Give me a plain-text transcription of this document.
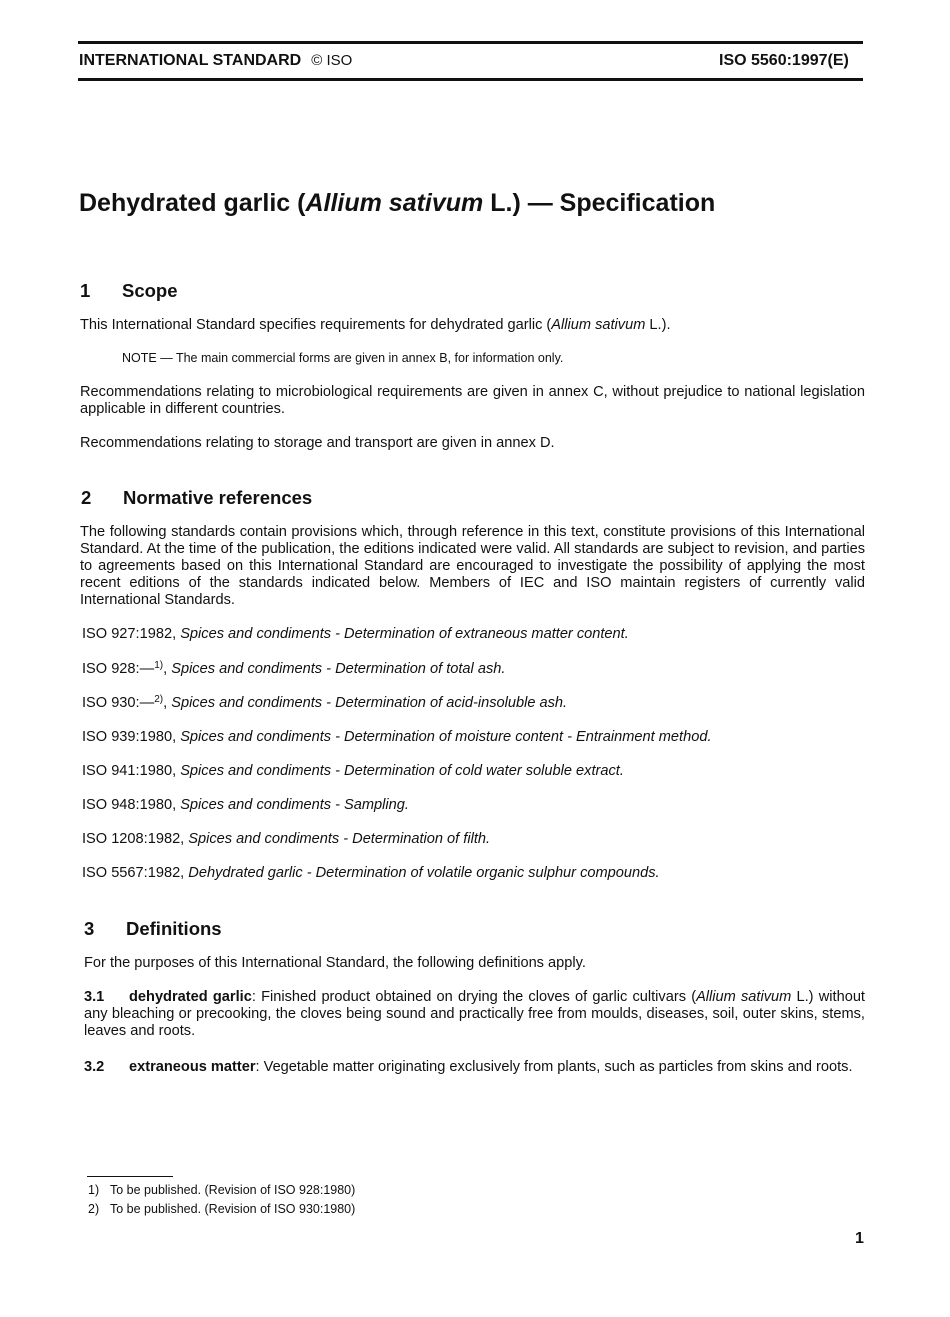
INTERNATIONAL STANDARD © ISO	ISO 5560:1997(E)
Dehydrated garlic (Allium sativum L.) — Specification
1 Scope
This International Standard specifies requirements for dehydrated garlic (Allium sativum L.).
NOTE — The main commercial forms are given in annex B, for information only.
Recommendations relating to microbiological requirements are given in annex C, without prejudice to national legislation applicable in different countries.
Recommendations relating to storage and transport are given in annex D.
2 Normative references
The following standards contain provisions which, through reference in this text, constitute provisions of this International Standard. At the time of the publication, the editions indicated were valid. All standards are subject to revision, and parties to agreements based on this International Standard are encouraged to investigate the possibility of applying the most recent editions of the standards indicated below. Members of IEC and ISO maintain registers of currently valid International Standards.
ISO 927:1982, Spices and condiments - Determination of extraneous matter content.
ISO 928:—$^{1)}$, Spices and condiments - Determination of total ash.
ISO 930:—$^{2)}$, Spices and condiments - Determination of acid-insoluble ash.
ISO 939:1980, Spices and condiments - Determination of moisture content - Entrainment method.
ISO 941:1980, Spices and condiments - Determination of cold water soluble extract.
ISO 948:1980, Spices and condiments - Sampling.
ISO 1208:1982, Spices and condiments - Determination of filth.
ISO 5567:1982, Dehydrated garlic - Determination of volatile organic sulphur compounds.
3 Definitions
For the purposes of this International Standard, the following definitions apply.
3.1 dehydrated garlic: Finished product obtained on drying the cloves of garlic cultivars (Allium sativum L.) without any bleaching or precooking, the cloves being sound and practically free from moulds, diseases, soil, outer skins, stems, leaves and roots.
3.2 extraneous matter: Vegetable matter originating exclusively from plants, such as particles from skins and roots.
1) To be published. (Revision of ISO 928:1980)
2) To be published. (Revision of ISO 930:1980)
1
